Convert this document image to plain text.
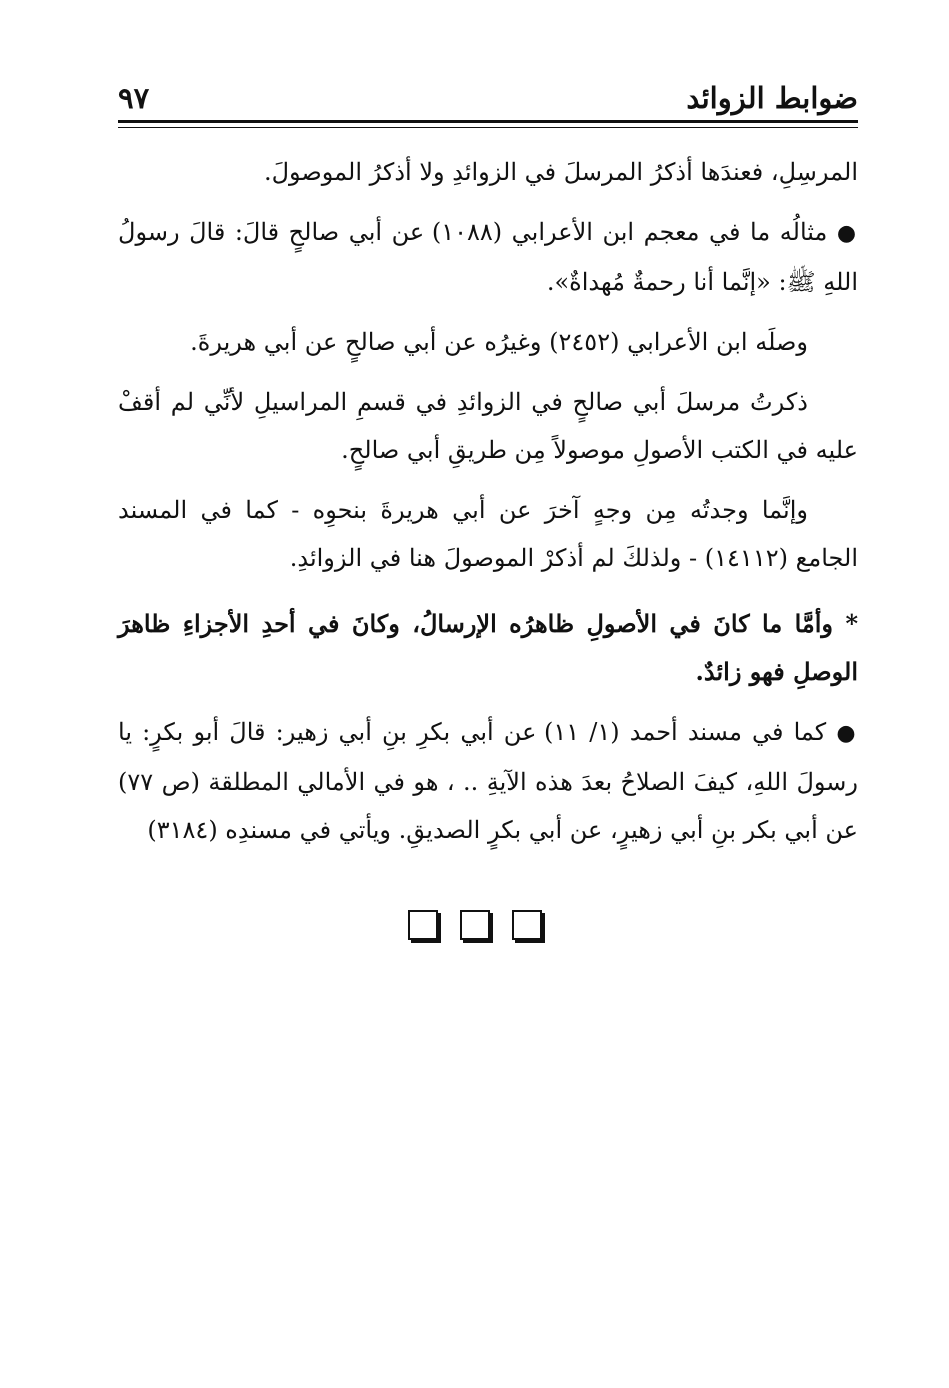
ضوابط الزوائد
٩٧

المرسِلِ، فعندَها أذكرُ المرسلَ في الزوائدِ ولا أذكرُ الموصولَ.

● مثالُه ما في معجم ابن الأعرابي (١٠٨٨) عن أبي صالحٍ قالَ: قالَ رسولُ اللهِ ﷺ: «إنَّما أنا رحمةٌ مُهداةٌ».

وصلَه ابن الأعرابي (٢٤٥٢) وغيرُه عن أبي صالحٍ عن أبي هريرةَ.

ذكرتُ مرسلَ أبي صالحٍ في الزوائدِ في قسمِ المراسيلِ لأنِّي لم أقفْ عليه في الكتب الأصولِ موصولاً مِن طريقِ أبي صالحٍ.

وإنَّما وجدتُه مِن وجهٍ آخرَ عن أبي هريرةَ بنحوِه - كما في المسند الجامع (١٤١١٢) - ولذلكَ لم أذكرْ الموصولَ هنا في الزوائدِ.

* وأمَّا ما كانَ في الأصولِ ظاهرُه الإرسالُ، وكانَ في أحدِ الأجزاءِ ظاهرَ الوصلِ فهو زائدٌ.

● كما في مسند أحمد (١/ ١١) عن أبي بكرِ بنِ أبي زهير: قالَ أبو بكرٍ: يا رسولَ اللهِ، كيفَ الصلاحُ بعدَ هذه الآيةِ .. ، هو في الأمالي المطلقة (ص ٧٧) عن أبي بكر بنِ أبي زهيرٍ، عن أبي بكرٍ الصديقِ. ويأتي في مسندِه (٣١٨٤)
